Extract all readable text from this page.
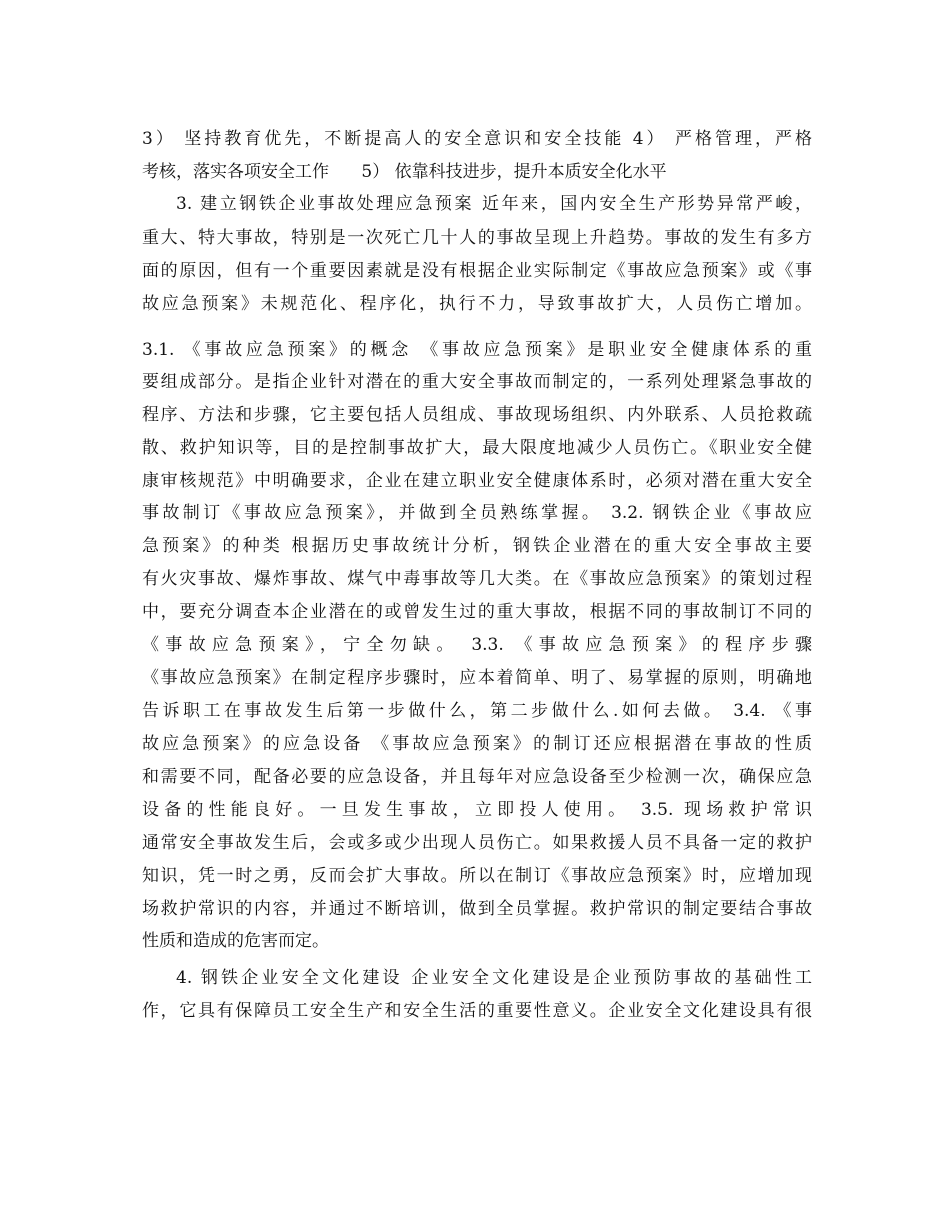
3） 坚持教育优先，不断提高人的安全意识和安全技能 4） 严格管理，严格
考核，落实各项安全工作      5） 依靠科技进步，提升本质安全化水平
3. 建立钢铁企业事故处理应急预案 近年来，国内安全生产形势异常严峻，
重大、特大事故，特别是一次死亡几十人的事故呈现上升趋势。事故的发生有多方
面的原因，但有一个重要因素就是没有根据企业实际制定《事故应急预案》或《事
故应急预案》未规范化、程序化，执行不力，导致事故扩大，人员伤亡增加。
3.1. 《事故应急预案》的概念 《事故应急预案》是职业安全健康体系的重
要组成部分。是指企业针对潜在的重大安全事故而制定的，一系列处理紧急事故的
程序、方法和步骤，它主要包括人员组成、事故现场组织、内外联系、人员抢救疏
散、救护知识等，目的是控制事故扩大，最大限度地减少人员伤亡。《职业安全健
康审核规范》中明确要求，企业在建立职业安全健康体系时，必须对潜在重大安全
事故制订《事故应急预案》，并做到全员熟练掌握。 3.2. 钢铁企业《事故应
急预案》的种类 根据历史事故统计分析，钢铁企业潜在的重大安全事故主要
有火灾事故、爆炸事故、煤气中毒事故等几大类。在《事故应急预案》的策划过程
中，要充分调查本企业潜在的或曾发生过的重大事故，根据不同的事故制订不同的
《事故应急预案》，宁全勿缺。 3.3. 《事故应急预案》的程序步骤
《事故应急预案》在制定程序步骤时，应本着简单、明了、易掌握的原则，明确地
告诉职工在事故发生后第一步做什么，第二步做什么.如何去做。 3.4. 《事
故应急预案》的应急设备 《事故应急预案》的制订还应根据潜在事故的性质
和需要不同，配备必要的应急设备，并且每年对应急设备至少检测一次，确保应急
设备的性能良好。一旦发生事故，立即投人使用。 3.5. 现场救护常识
通常安全事故发生后，会或多或少出现人员伤亡。如果救援人员不具备一定的救护
知识，凭一时之勇，反而会扩大事故。所以在制订《事故应急预案》时，应增加现
场救护常识的内容，并通过不断培训，做到全员掌握。救护常识的制定要结合事故
性质和造成的危害而定。
4. 钢铁企业安全文化建设 企业安全文化建设是企业预防事故的基础性工
作，它具有保障员工安全生产和安全生活的重要性意义。企业安全文化建设具有很
